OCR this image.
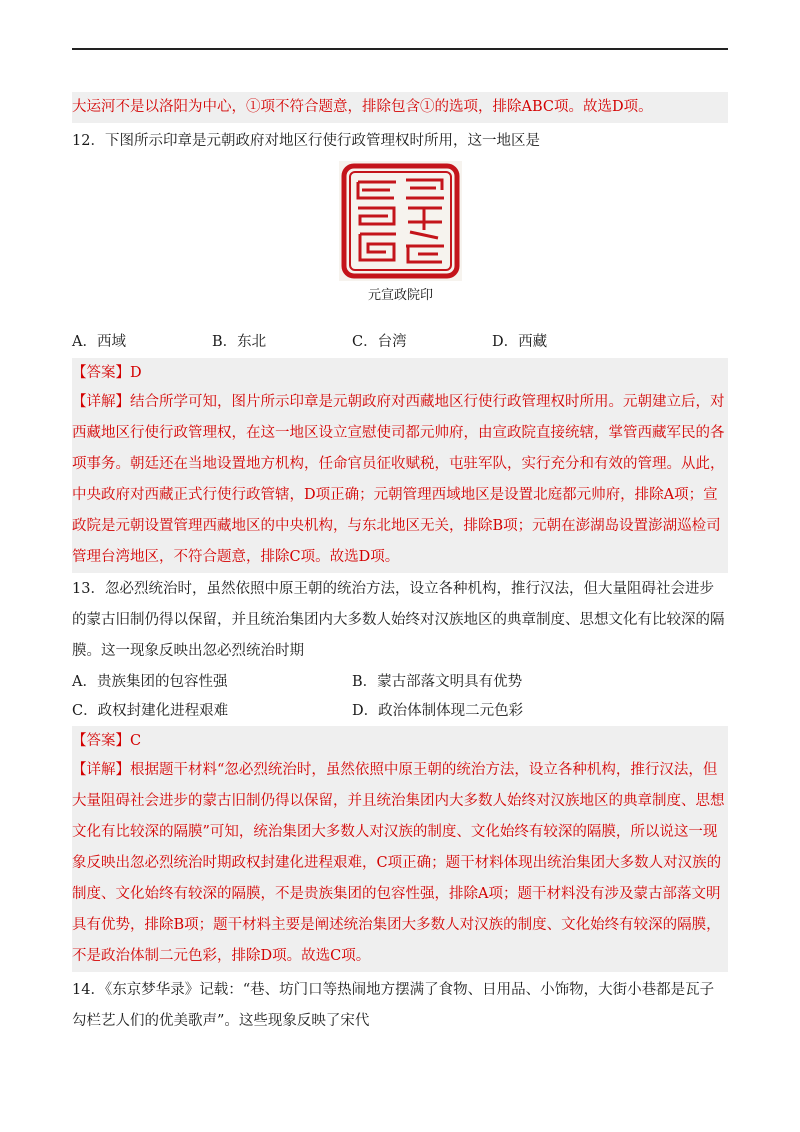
大运河不是以洛阳为中心，①项不符合题意，排除包含①的选项，排除ABC项。故选D项。
12．下图所示印章是元朝政府对地区行使行政管理权时所用，这一地区是
元宣政院印
A．西域	B．东北	C．台湾	D．西藏
【答案】D
【详解】结合所学可知，图片所示印章是元朝政府对西藏地区行使行政管理权时所用。元朝建立后，对西藏地区行使行政管理权，在这一地区设立宣慰使司都元帅府，由宣政院直接统辖，掌管西藏军民的各项事务。朝廷还在当地设置地方机构，任命官员征收赋税，屯驻军队，实行充分和有效的管理。从此，中央政府对西藏正式行使行政管辖，D项正确；元朝管理西域地区是设置北庭都元帅府，排除A项；宣政院是元朝设置管理西藏地区的中央机构，与东北地区无关，排除B项；元朝在澎湖岛设置澎湖巡检司管理台湾地区，不符合题意，排除C项。故选D项。
13．忽必烈统治时，虽然依照中原王朝的统治方法，设立各种机构，推行汉法，但大量阻碍社会进步的蒙古旧制仍得以保留，并且统治集团内大多数人始终对汉族地区的典章制度、思想文化有比较深的隔膜。这一现象反映出忽必烈统治时期
A．贵族集团的包容性强	B．蒙古部落文明具有优势
C．政权封建化进程艰难	D．政治体制体现二元色彩
【答案】C
【详解】根据题干材料“忽必烈统治时，虽然依照中原王朝的统治方法，设立各种机构，推行汉法，但大量阻碍社会进步的蒙古旧制仍得以保留，并且统治集团内大多数人始终对汉族地区的典章制度、思想文化有比较深的隔膜”可知，统治集团大多数人对汉族的制度、文化始终有较深的隔膜，所以说这一现象反映出忽必烈统治时期政权封建化进程艰难，C项正确；题干材料体现出统治集团大多数人对汉族的制度、文化始终有较深的隔膜，不是贵族集团的包容性强，排除A项；题干材料没有涉及蒙古部落文明具有优势，排除B项；题干材料主要是阐述统治集团大多数人对汉族的制度、文化始终有较深的隔膜，不是政治体制二元色彩，排除D项。故选C项。
14．《东京梦华录》记载：“巷、坊门口等热闹地方摆满了食物、日用品、小饰物，大街小巷都是瓦子勾栏艺人们的优美歌声”。这些现象反映了宋代
